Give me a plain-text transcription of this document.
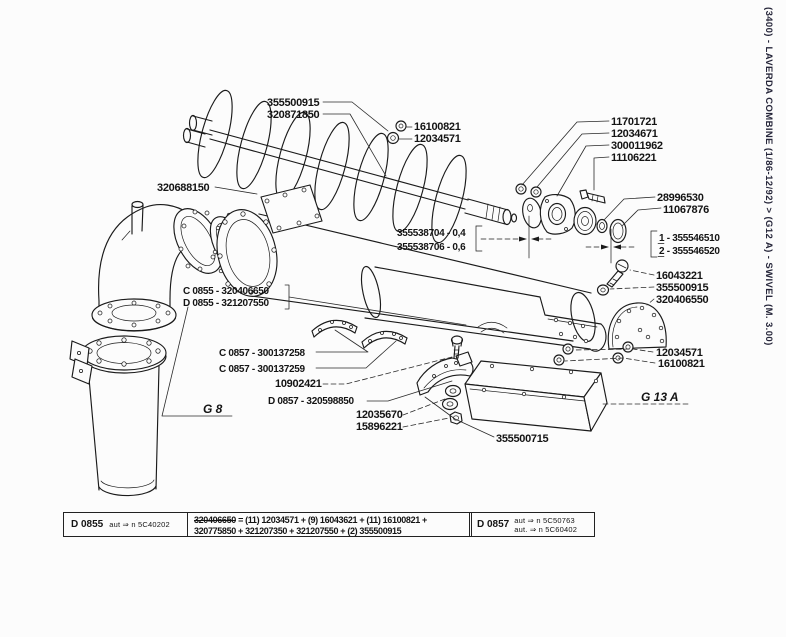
(3400) - LAVERDA COMBINE (1/86-12/92) > (G12 A) - SWIVEL (M. 3.00)
355500915
320871850
16100821
12034571
320688150
11701721
12034671
300011962
11106221
28996530
11067876
355538704 - 0,4
355538706 - 0,6
1 - 355546510
2 - 355546520
16043221
355500915
320406550
C 0855 - 320406650
D 0855 - 321207550
C 0857 - 300137258
C 0857 - 300137259
10902421
D 0857 - 320598850
12035670
15896221
355500715
12034571
16100821
G 8
G 13 A
D 0855 aut ⇒ n 5C40202	320406650 = (11) 12034571 + (9) 16043621 + (11) 16100821 +
320775850 + 321207350 + 321207550 + (2) 355500915
D 0857 aut ⇒ n 5C50763
aut. ⇒ n 5C60402
